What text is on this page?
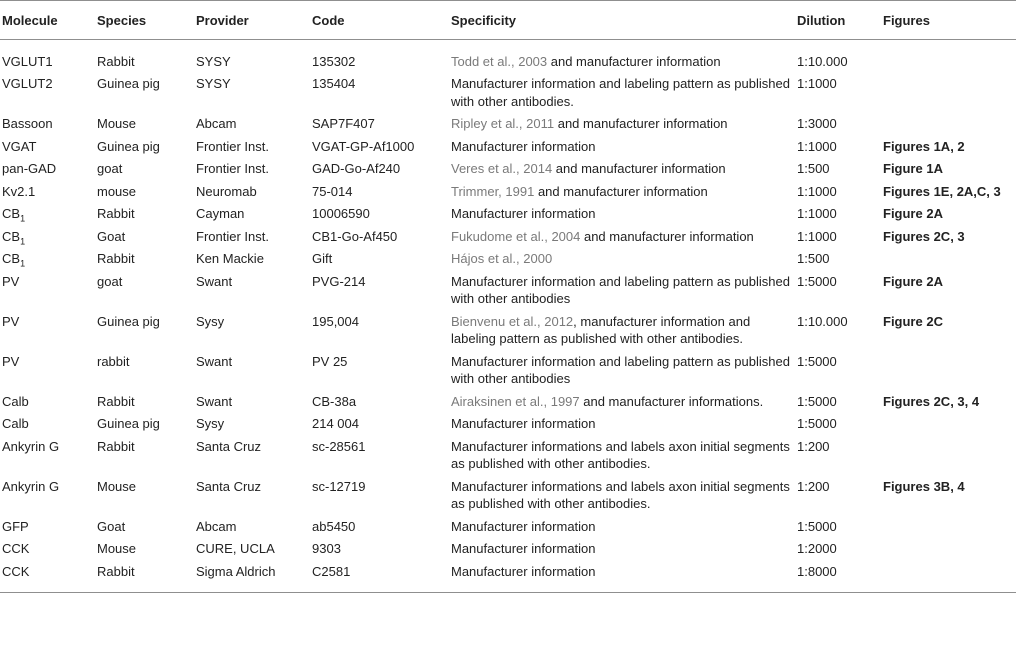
Molecule	Species	Provider	Code	Specificity	Dilution	Figures
VGLUT1	Rabbit	SYSY	135302	Todd et al., 2003 and manufacturer information	1:10.000	
VGLUT2	Guinea pig	SYSY	135404	Manufacturer information and labeling pattern as published with other antibodies.	1:1000	
Bassoon	Mouse	Abcam	SAP7F407	Ripley et al., 2011 and manufacturer information	1:3000	
VGAT	Guinea pig	Frontier Inst.	VGAT-GP-Af1000	Manufacturer information	1:1000	Figures 1A, 2
pan-GAD	goat	Frontier Inst.	GAD-Go-Af240	Veres et al., 2014 and manufacturer information	1:500	Figure 1A
Kv2.1	mouse	Neuromab	75-014	Trimmer, 1991 and manufacturer information	1:1000	Figures 1E, 2A,C, 3
$CB_1$	Rabbit	Cayman	10006590	Manufacturer information	1:1000	Figure 2A
$CB_1$	Goat	Frontier Inst.	CB1-Go-Af450	Fukudome et al., 2004 and manufacturer information	1:1000	Figures 2C, 3
$CB_1$	Rabbit	Ken Mackie	Gift	Hájos et al., 2000	1:500	
PV	goat	Swant	PVG-214	Manufacturer information and labeling pattern as published with other antibodies	1:5000	Figure 2A
PV	Guinea pig	Sysy	195,004	Bienvenu et al., 2012, manufacturer information and labeling pattern as published with other antibodies.	1:10.000	Figure 2C
PV	rabbit	Swant	PV 25	Manufacturer information and labeling pattern as published with other antibodies	1:5000	
Calb	Rabbit	Swant	CB-38a	Airaksinen et al., 1997 and manufacturer informations.	1:5000	Figures 2C, 3, 4
Calb	Guinea pig	Sysy	214 004	Manufacturer information	1:5000	
Ankyrin G	Rabbit	Santa Cruz	sc-28561	Manufacturer informations and labels axon initial segments as published with other antibodies.	1:200	
Ankyrin G	Mouse	Santa Cruz	sc-12719	Manufacturer informations and labels axon initial segments as published with other antibodies.	1:200	Figures 3B, 4
GFP	Goat	Abcam	ab5450	Manufacturer information	1:5000	
CCK	Mouse	CURE, UCLA	9303	Manufacturer information	1:2000	
CCK	Rabbit	Sigma Aldrich	C2581	Manufacturer information	1:8000	
